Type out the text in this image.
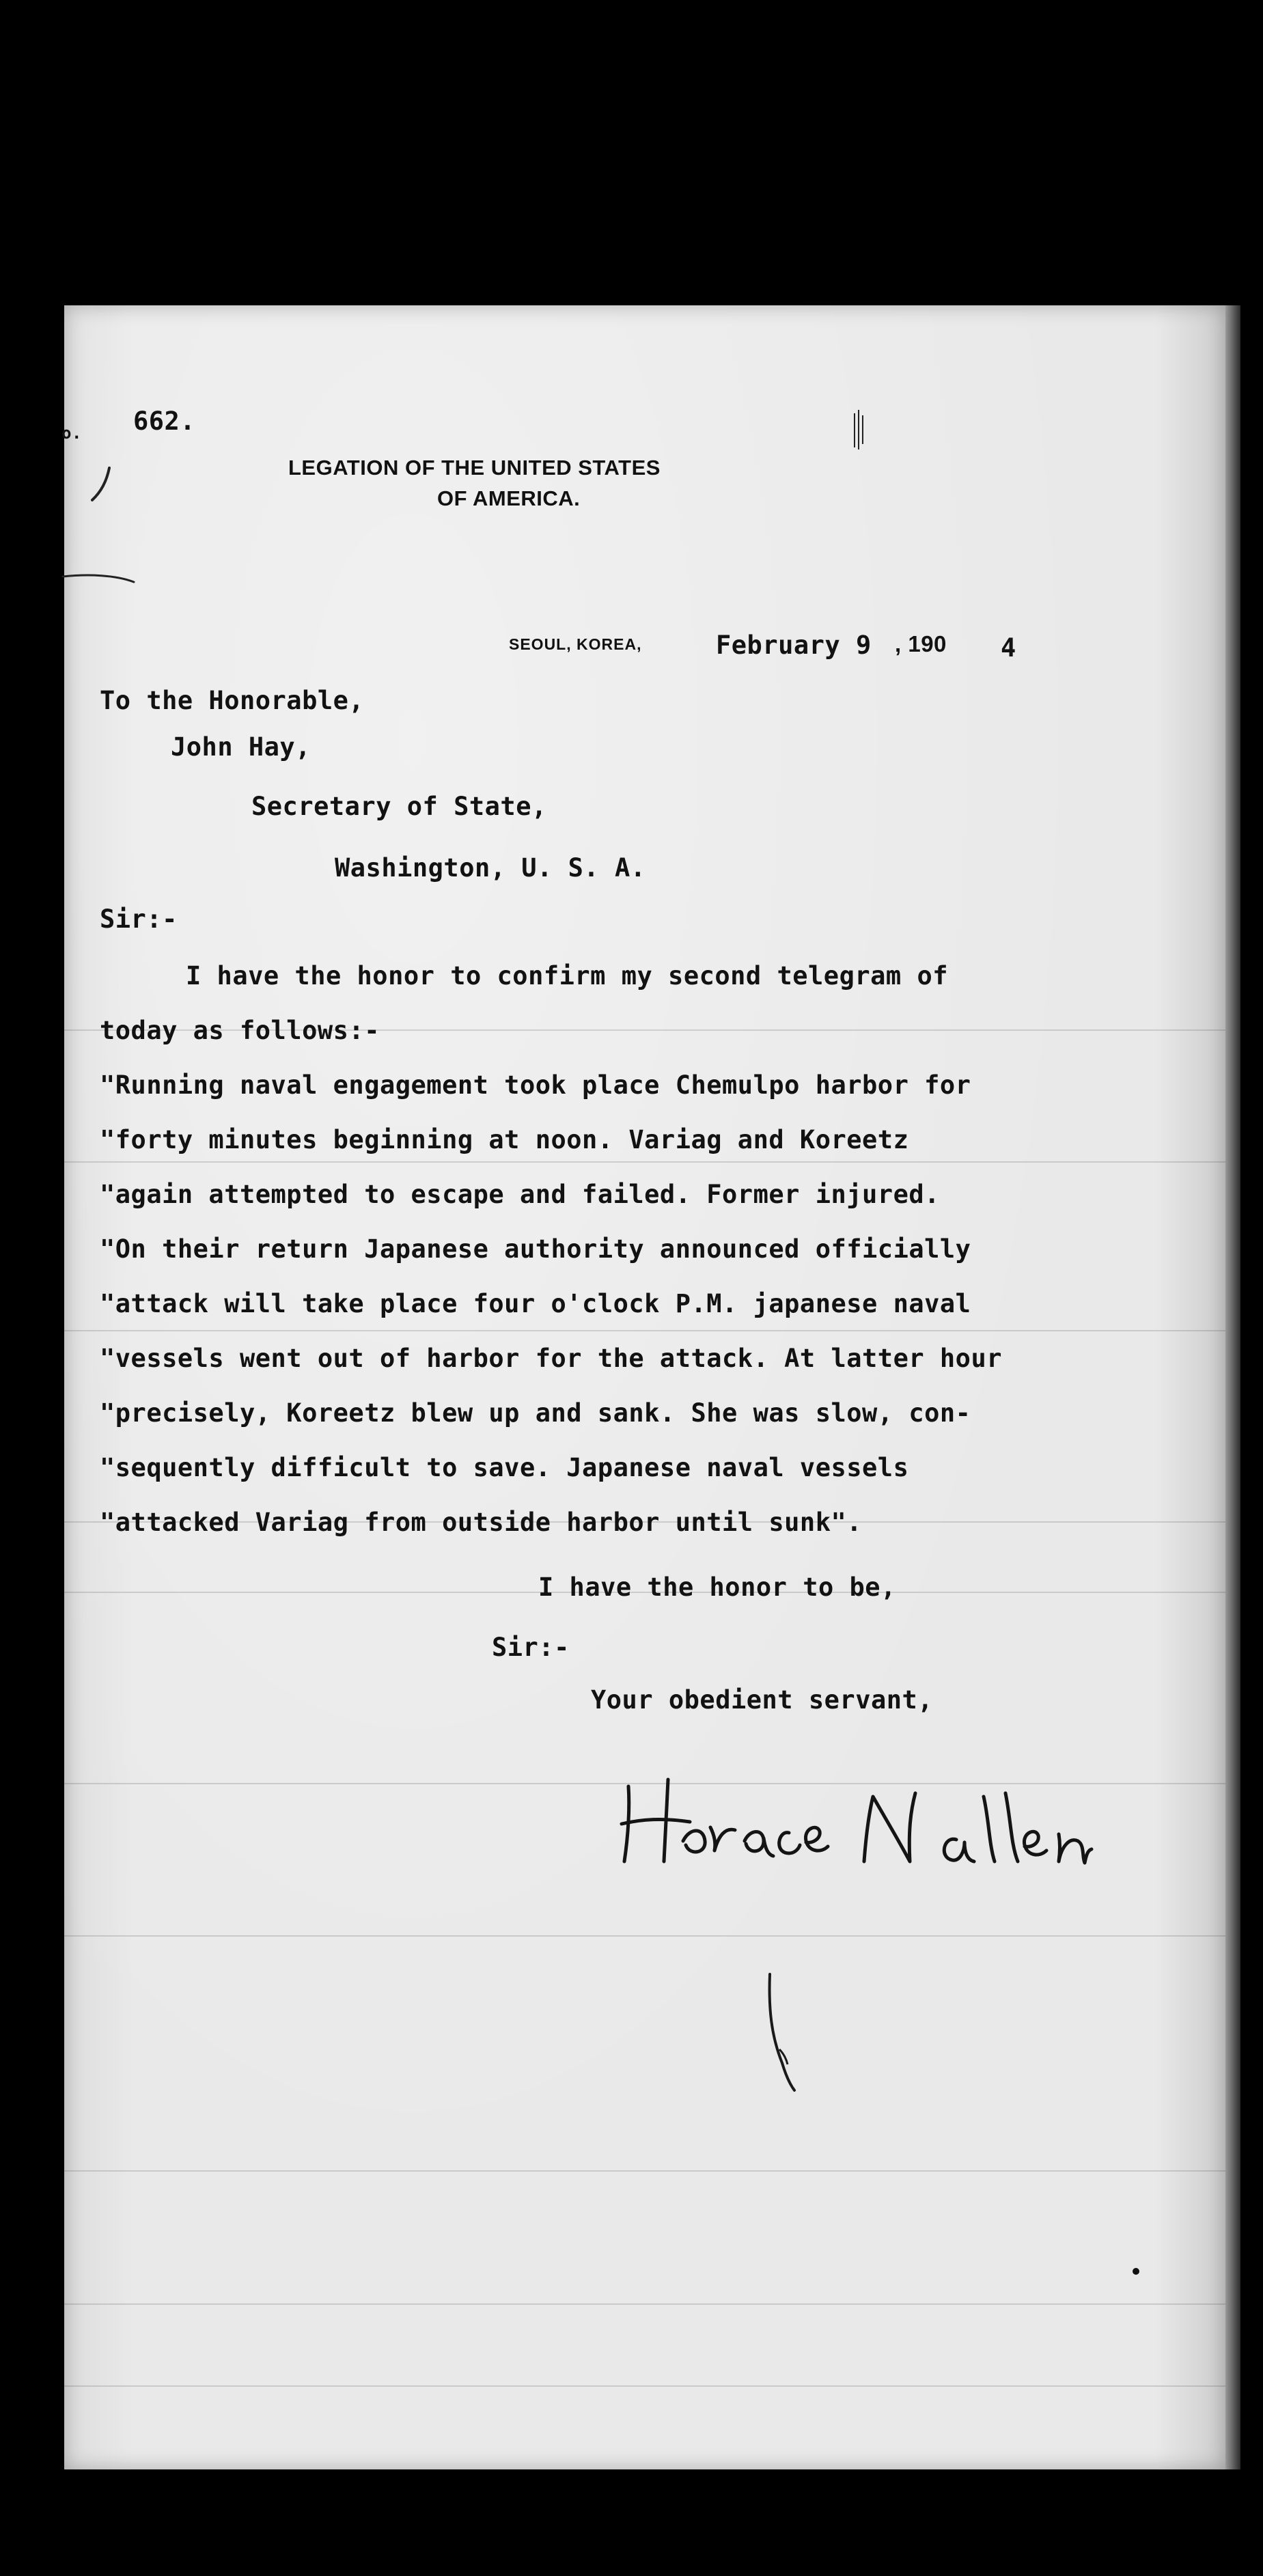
o. 662.
LEGATION OF THE UNITED STATES
OF AMERICA.
SEOUL, KOREA,	February 9 , 190 4
To the Honorable,
John Hay,
Secretary of State,
Washington, U. S. A.
Sir:-
I have the honor to confirm my second telegram of
today as follows:-
"Running naval engagement took place Chemulpo harbor for
"forty minutes beginning at noon. Variag and Koreetz
"again attempted to escape and failed. Former injured.
"On their return Japanese authority announced officially
"attack will take place four o'clock P.M. japanese naval
"vessels went out of harbor for the attack. At latter hour
"precisely, Koreetz blew up and sank. She was slow, con-
"sequently difficult to save. Japanese naval vessels
"attacked Variag from outside harbor until sunk".
I have the honor to be,
Sir:-
Your obedient servant,
